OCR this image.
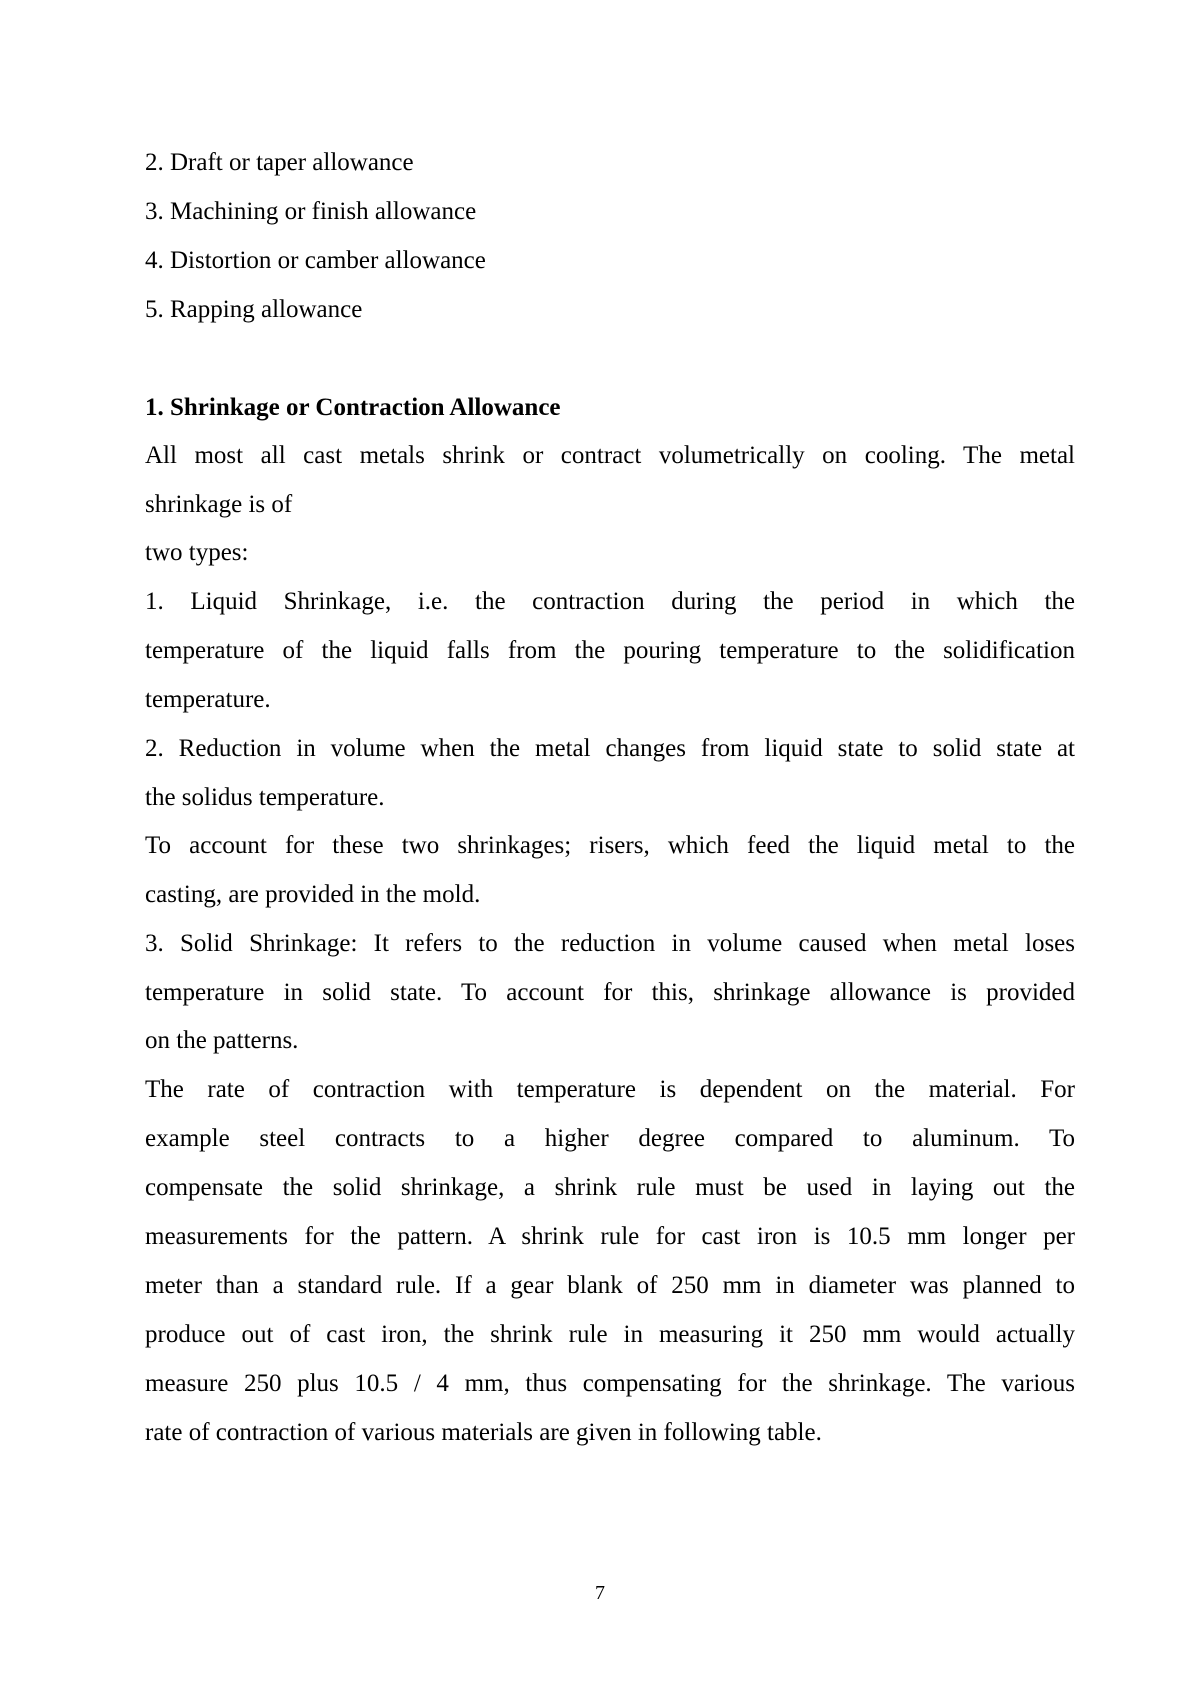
2. Draft or taper allowance
3. Machining or finish allowance
4. Distortion or camber allowance
5. Rapping allowance
1. Shrinkage or Contraction Allowance
All most all cast metals shrink or contract volumetrically on cooling. The metal
shrinkage is of
two types:
1. Liquid Shrinkage, i.e. the contraction during the period in which the
temperature of the liquid falls from the pouring temperature to the solidification
temperature.
2. Reduction in volume when the metal changes from liquid state to solid state at
the solidus temperature.
To account for these two shrinkages; risers, which feed the liquid metal to the
casting, are provided in the mold.
3. Solid Shrinkage: It refers to the reduction in volume caused when metal loses
temperature in solid state. To account for this, shrinkage allowance is provided
on the patterns.
The rate of contraction with temperature is dependent on the material. For
example steel contracts to a higher degree compared to aluminum. To
compensate the solid shrinkage, a shrink rule must be used in laying out the
measurements for the pattern. A shrink rule for cast iron is 10.5 mm longer per
meter than a standard rule. If a gear blank of 250 mm in diameter was planned to
produce out of cast iron, the shrink rule in measuring it 250 mm would actually
measure 250 plus 10.5 / 4 mm, thus compensating for the shrinkage. The various
rate of contraction of various materials are given in following table.
7
